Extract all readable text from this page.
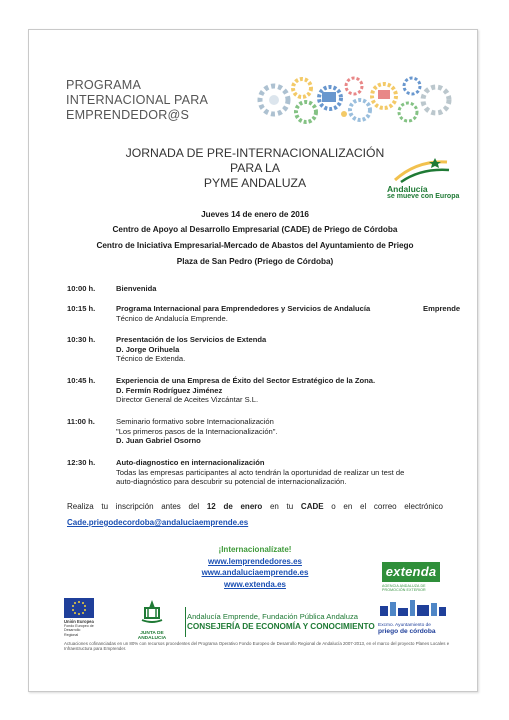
PROGRAMA
INTERNACIONAL PARA
EMPRENDEDOR@S
JORNADA DE PRE-INTERNACIONALIZACIÓN PARA LA
PYME ANDALUZA	Andalucía
se mueve con Europa
Jueves 14 de enero de 2016
Centro de Apoyo al Desarrollo Empresarial (CADE) de Priego de Córdoba
Centro de Iniciativa Empresarial-Mercado de Abastos del Ayuntamiento de Priego
Plaza de San Pedro (Priego de Córdoba)
10:00 h.	Bienvenida
10:15 h.	Programa Internacional para Emprendedores y Servicios de Andalucía
Técnico de Andalucía Emprende.
Emprende
10:30 h.	Presentación de los Servicios de Extenda
D. Jorge Orihuela
Técnico de Extenda.
10:45 h.	Experiencia de una Empresa de Éxito del Sector Estratégico de la Zona.
D. Fermín Rodríguez Jiménez
Director General de Aceites Vizcántar S.L.
11:00 h.	Seminario formativo sobre Internacionalización
"Los primeros pasos de la Internacionalización".
D. Juan Gabriel Osorno
12:30 h.	Auto-diagnostico en internacionalización
Todas las empresas participantes al acto tendrán la oportunidad de realizar un test de
auto-diagnóstico para descubrir su potencial de internacionalización.
Realiza tu inscripción antes del 12 de enero en tu CADE o en el correo electrónico
Cade.priegodecordoba@andaluciaemprende.es
¡Internacionalízate!
www.lemprendedores.es
www.andaluciaemprende.es
www.extenda.es
extenda
AGENCIA ANDALUZA DE
PROMOCIÓN EXTERIOR
Unión Europea
Fondo Europeo de Desarrollo Regional	JUNTA DE ANDALUCIA
Andalucía Emprende, Fundación Pública Andaluza
CONSEJERÍA DE ECONOMÍA Y CONOCIMIENTO Excmo. Ayuntamiento de
priego de córdoba
Actuaciones cofinanciadas en un 80% con recursos procedentes del Programa Operativo Fondo Europeo de Desarrollo Regional de Andalucía 2007-2013, en el marco del proyecto Planes Locales e Infraestructura para Emprender.
